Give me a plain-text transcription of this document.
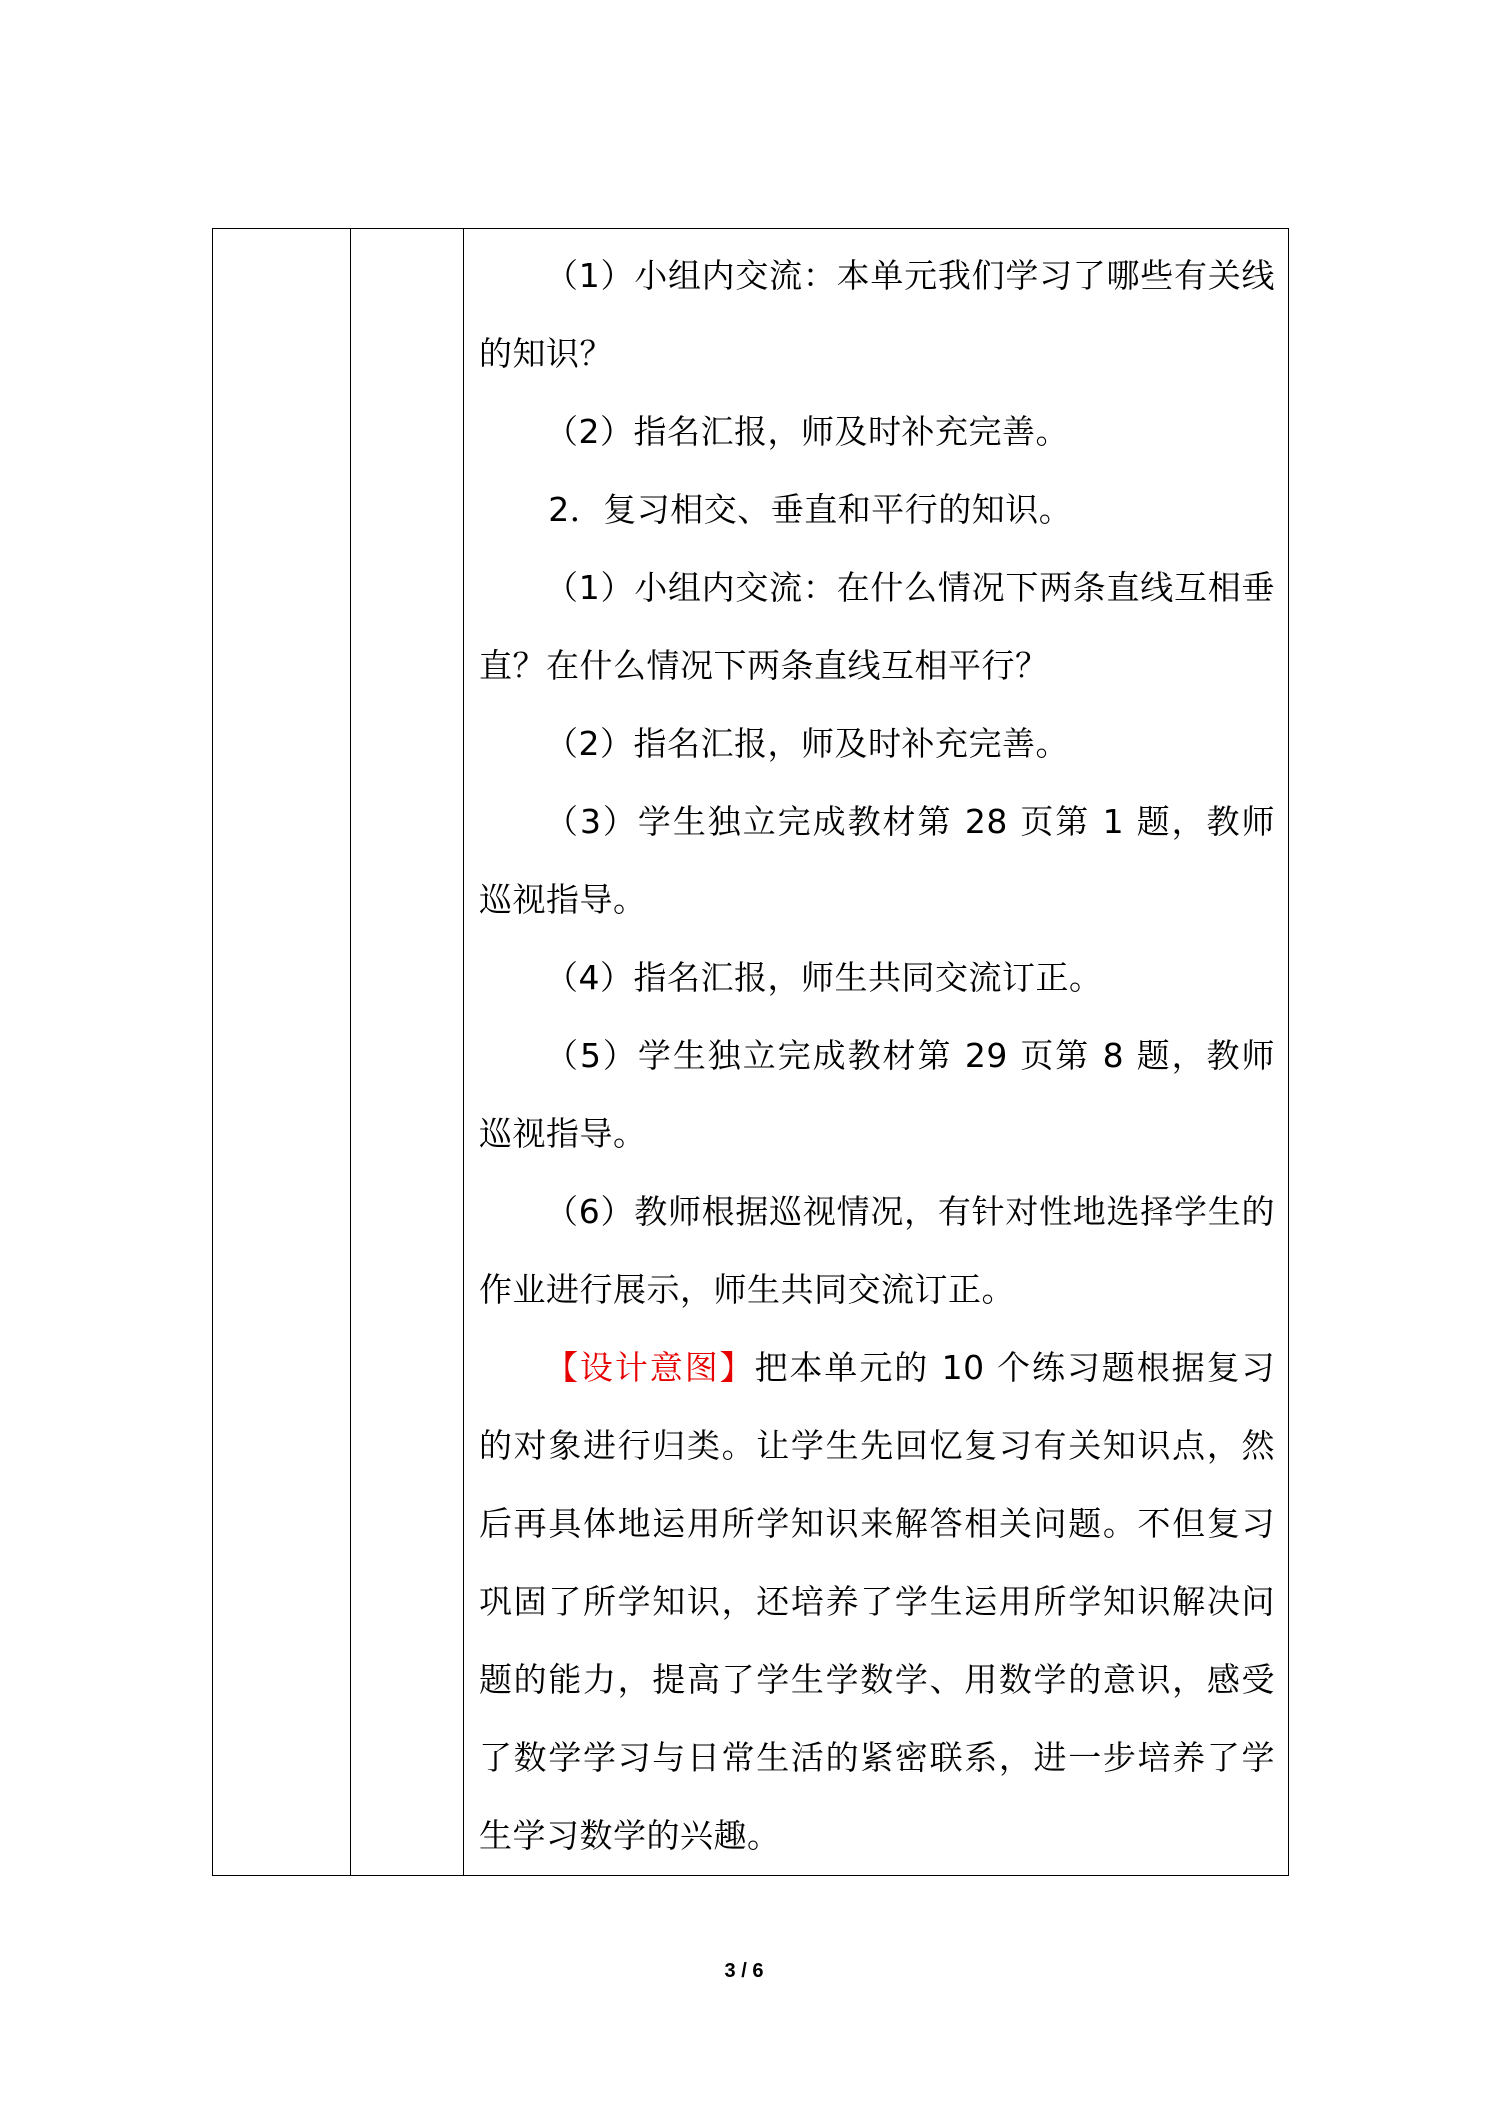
（1）小组内交流：本单元我们学习了哪些有关线的知识？

（2）指名汇报，师及时补充完善。

2．复习相交、垂直和平行的知识。

（1）小组内交流：在什么情况下两条直线互相垂直？在什么情况下两条直线互相平行？

（2）指名汇报，师及时补充完善。

（3）学生独立完成教材第 28 页第 1 题，教师巡视指导。

（4）指名汇报，师生共同交流订正。

（5）学生独立完成教材第 29 页第 8 题，教师巡视指导。

（6）教师根据巡视情况，有针对性地选择学生的作业进行展示，师生共同交流订正。

【设计意图】把本单元的 10 个练习题根据复习的对象进行归类。让学生先回忆复习有关知识点，然后再具体地运用所学知识来解答相关问题。不但复习巩固了所学知识，还培养了学生运用所学知识解决问题的能力，提高了学生学数学、用数学的意识，感受了数学学习与日常生活的紧密联系，进一步培养了学生学习数学的兴趣。

3 / 6
